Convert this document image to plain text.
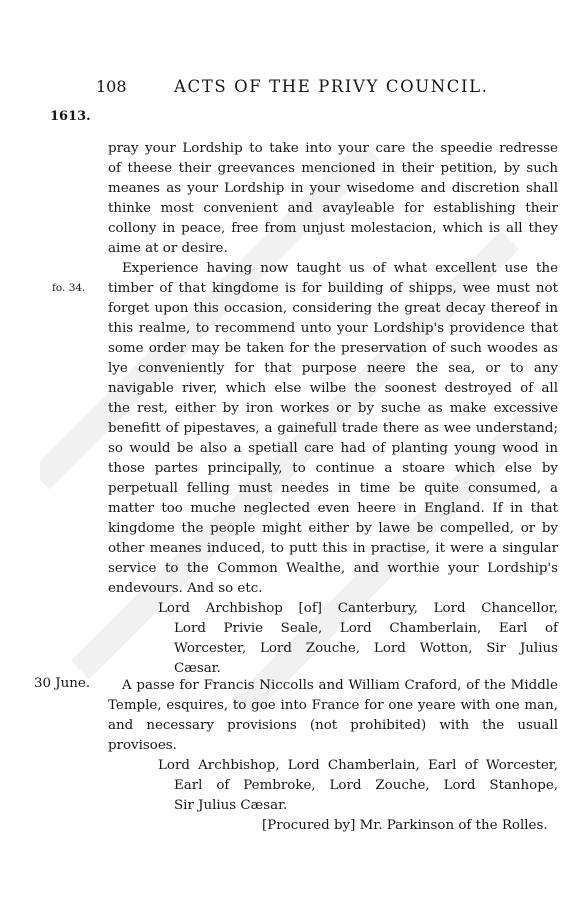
108	ACTS OF THE PRIVY COUNCIL.
1613.
fo. 34.
30 June.
pray your Lordship to take into your care the speedie redresse
of theese their greevances mencioned in their petition, by such
meanes as your Lordship in your wisedome and discretion shall
thinke most convenient and avayleable for establishing their
collony in peace, free from unjust molestacion, which is all they
aime at or desire.
Experience having now taught us of what excellent use the
timber of that kingdome is for building of shipps, wee must not
forget upon this occasion, considering the great decay thereof in
this realme, to recommend unto your Lordship's providence that
some order may be taken for the preservation of such woodes as
lye conveniently for that purpose neere the sea, or to any
navigable river, which else wilbe the soonest destroyed of all
the rest, either by iron workes or by suche as make excessive
benefitt of pipestaves, a gainefull trade there as wee understand;
so would be also a spetiall care had of planting young wood in
those partes principally, to continue a stoare which else by
perpetuall felling must needes in time be quite consumed, a
matter too muche neglected even heere in England. If in that
kingdome the people might either by lawe be compelled, or by
other meanes induced, to putt this in practise, it were a singular
service to the Common Wealthe, and worthie your Lordship's
endevours. And so etc.
Lord Archbishop [of] Canterbury, Lord Chancellor,
Lord Privie Seale, Lord Chamberlain, Earl of
Worcester, Lord Zouche, Lord Wotton, Sir Julius
Cæsar.
A passe for Francis Niccolls and William Craford, of the Middle
Temple, esquires, to goe into France for one yeare with one man,
and necessary provisions (not prohibited) with the usuall
provisoes.
Lord Archbishop, Lord Chamberlain, Earl of Worcester,
Earl of Pembroke, Lord Zouche, Lord Stanhope,
Sir Julius Cæsar.
[Procured by] Mr. Parkinson of the Rolles.
